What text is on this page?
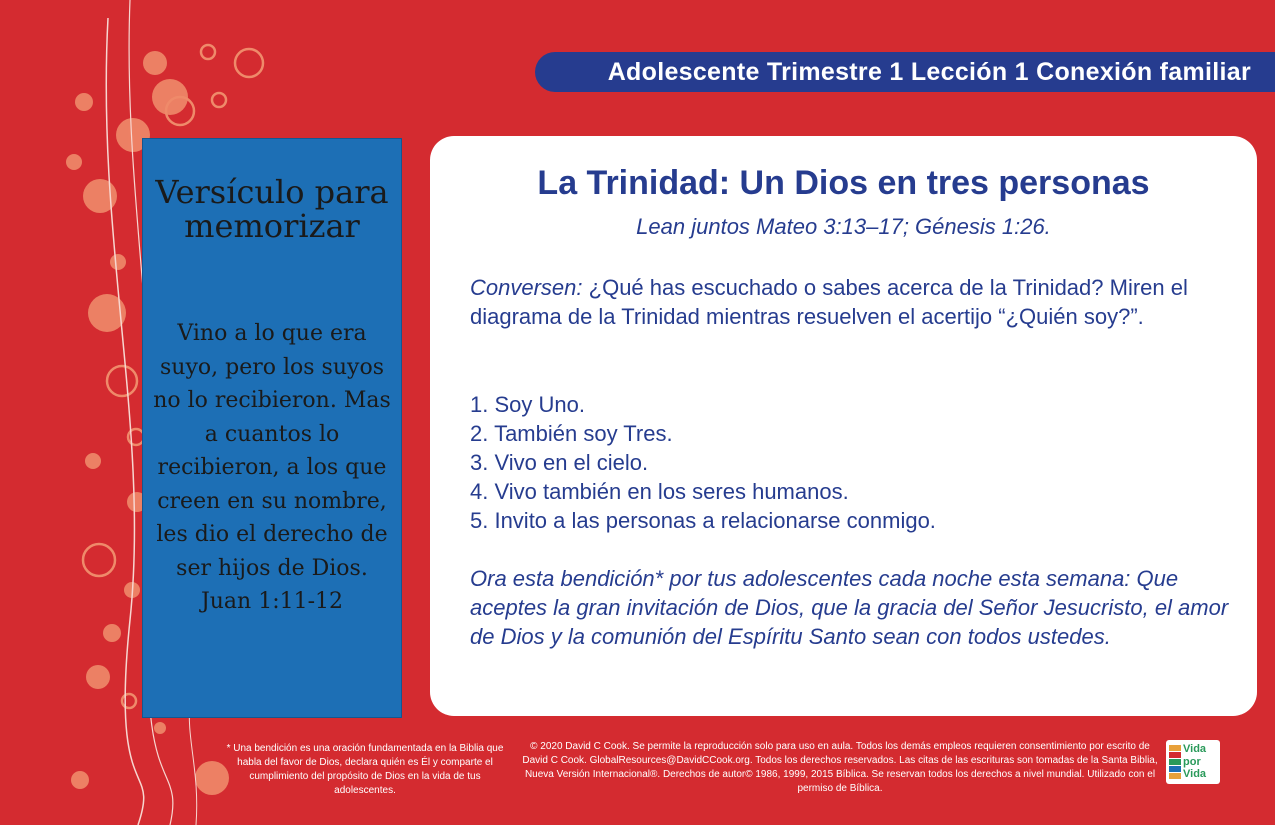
Adolescente Trimestre 1 Lección 1 Conexión familiar
Versículo para memorizar
Vino a lo que era suyo, pero los suyos no lo recibieron. Mas a cuantos lo recibieron, a los que creen en su nombre, les dio el derecho de ser hijos de Dios.
Juan 1:11-12
La Trinidad: Un Dios en tres personas
Lean juntos Mateo 3:13–17; Génesis 1:26.
Conversen: ¿Qué has escuchado o sabes acerca de la Trinidad? Miren el diagrama de la Trinidad mientras resuelven el acertijo “¿Quién soy?”.
1. Soy Uno.
2. También soy Tres.
3. Vivo en el cielo.
4. Vivo también en los seres humanos.
5. Invito a las personas a relacionarse conmigo.
Ora esta bendición* por tus adolescentes cada noche esta semana: Que aceptes la gran invitación de Dios, que la gracia del Señor Jesucristo, el amor de Dios y la comunión del Espíritu Santo sean con todos ustedes.
* Una bendición es una oración fundamentada en la Biblia que habla del favor de Dios, declara quién es Él y comparte el cumplimiento del propósito de Dios en la vida de tus adolescentes.
© 2020 David C Cook. Se permite la reproducción solo para uso en aula. Todos los demás empleos requieren consentimiento por escrito de David C Cook. GlobalResources@DavidCCook.org. Todos los derechos reservados. Las citas de las escrituras son tomadas de la Santa Biblia, Nueva Versión Internacional®. Derechos de autor© 1986, 1999, 2015 Bíblica. Se reservan todos los derechos a nivel mundial. Utilizado con el permiso de Bíblica.
Vida
por
Vida
